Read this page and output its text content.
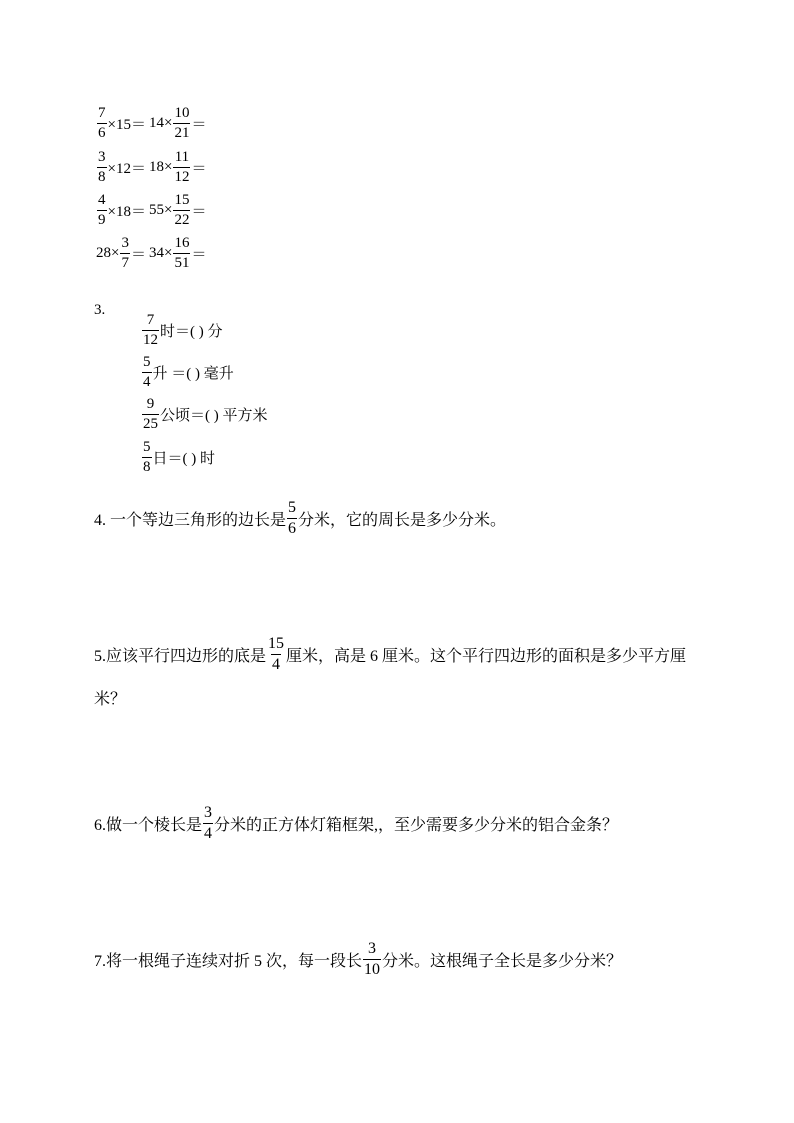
$\frac{7}{6} \times 15= 14\times \frac{10}{21}$ ＝
$\frac{3}{8} \times 12= 18\times \frac{11}{12}$ ＝
$\frac{4}{9} \times 18= 55\times \frac{15}{22}$ ＝
$28\times \frac{3}{7} = 34\times \frac{16}{51}$ ＝
3.
$\frac{7}{12}$ 时＝( ) 分
$\frac{5}{4}$ 升 ＝( ) 毫升
$\frac{9}{25}$ 公顷＝( ) 平方米
$\frac{5}{8}$ 日＝( ) 时
4. 一个等边三角形的边长是 $\frac{5}{6}$ 分米，它的周长是多少分米。
5.应该平行四边形的底是 $\frac{15}{4}$ 厘米，高是 6 厘米。这个平行四边形的面积是多少平方厘
米？
6.做一个棱长是 $\frac{3}{4}$ 分米的正方体灯箱框架,，至少需要多少分米的铝合金条？
7.将一根绳子连续对折 5 次，每一段长 $\frac{3}{10}$ 分米。这根绳子全长是多少分米？
